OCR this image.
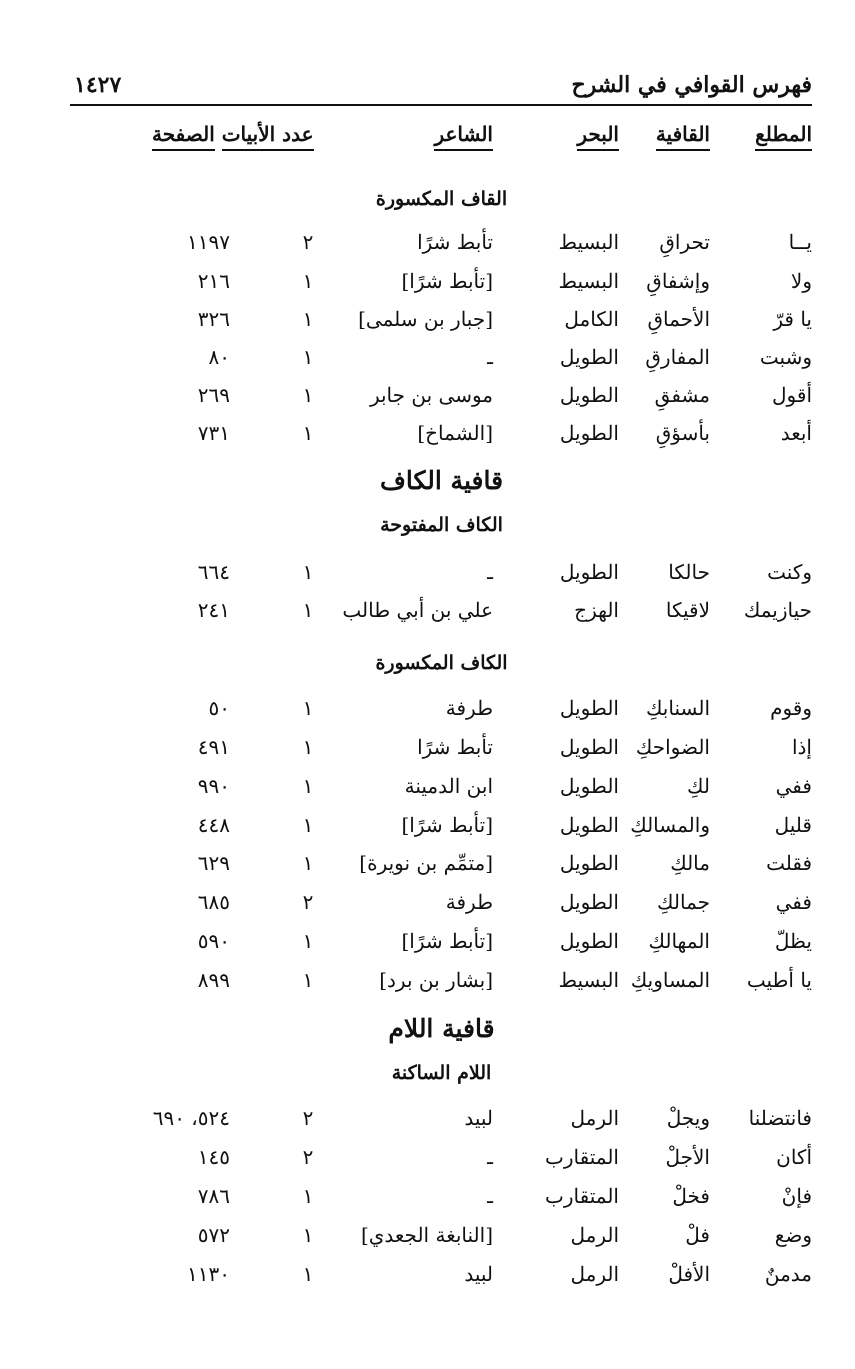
فهرس القوافي في الشرح
١٤٢٧
المطلع
القافية
البحر
الشاعر
عدد الأبيات الصفحة
القاف المكسورة
يــا
تحراقِ
البسيط
تأبط شرًا
٢
١١٩٧
ولا
وإشفاقِ
البسيط
[تأبط شرًا]
١
٢١٦
يا قرّ
الأحماقِ
الكامل
[جبار بن سلمى]
١
٣٢٦
وشبت
المفارقِ
الطويل
ـ
١
٨٠
أقول
مشفقِ
الطويل
موسى بن جابر
١
٢٦٩
أبعد
بأسؤقِ
الطويل
[الشماخ]
١
٧٣١
قافية الكاف
الكاف المفتوحة
وكنت
حالكا
الطويل
ـ
١
٦٦٤
حيازيمك
لاقيكا
الهزج
علي بن أبي طالب
١
٢٤١
الكاف المكسورة
وقوم
السنابكِ
الطويل
طرفة
١
٥٠
إذا
الضواحكِ
الطويل
تأبط شرًا
١
٤٩١
ففي
لكِ
الطويل
ابن الدمينة
١
٩٩٠
قليل
والمسالكِ
الطويل
[تأبط شرًا]
١
٤٤٨
فقلت
مالكِ
الطويل
[متمِّم بن نويرة]
١
٦٢٩
ففي
جمالكِ
الطويل
طرفة
٢
٦٨٥
يظلّ
المهالكِ
الطويل
[تأبط شرًا]
١
٥٩٠
يا أطيب
المساويكِ
البسيط
[بشار بن برد]
١
٨٩٩
قافية اللام
اللام الساكنة
فانتضلنا
ويجلْ
الرمل
لبيد
٢
٥٢٤، ٦٩٠
أكان
الأجلْ
المتقارب
ـ
٢
١٤٥
فإنْ
فخلْ
المتقارب
ـ
١
٧٨٦
وضع
فلْ
الرمل
[النابغة الجعدي]
١
٥٧٢
مدمنٌ
الأفلْ
الرمل
لبيد
١
١١٣٠
